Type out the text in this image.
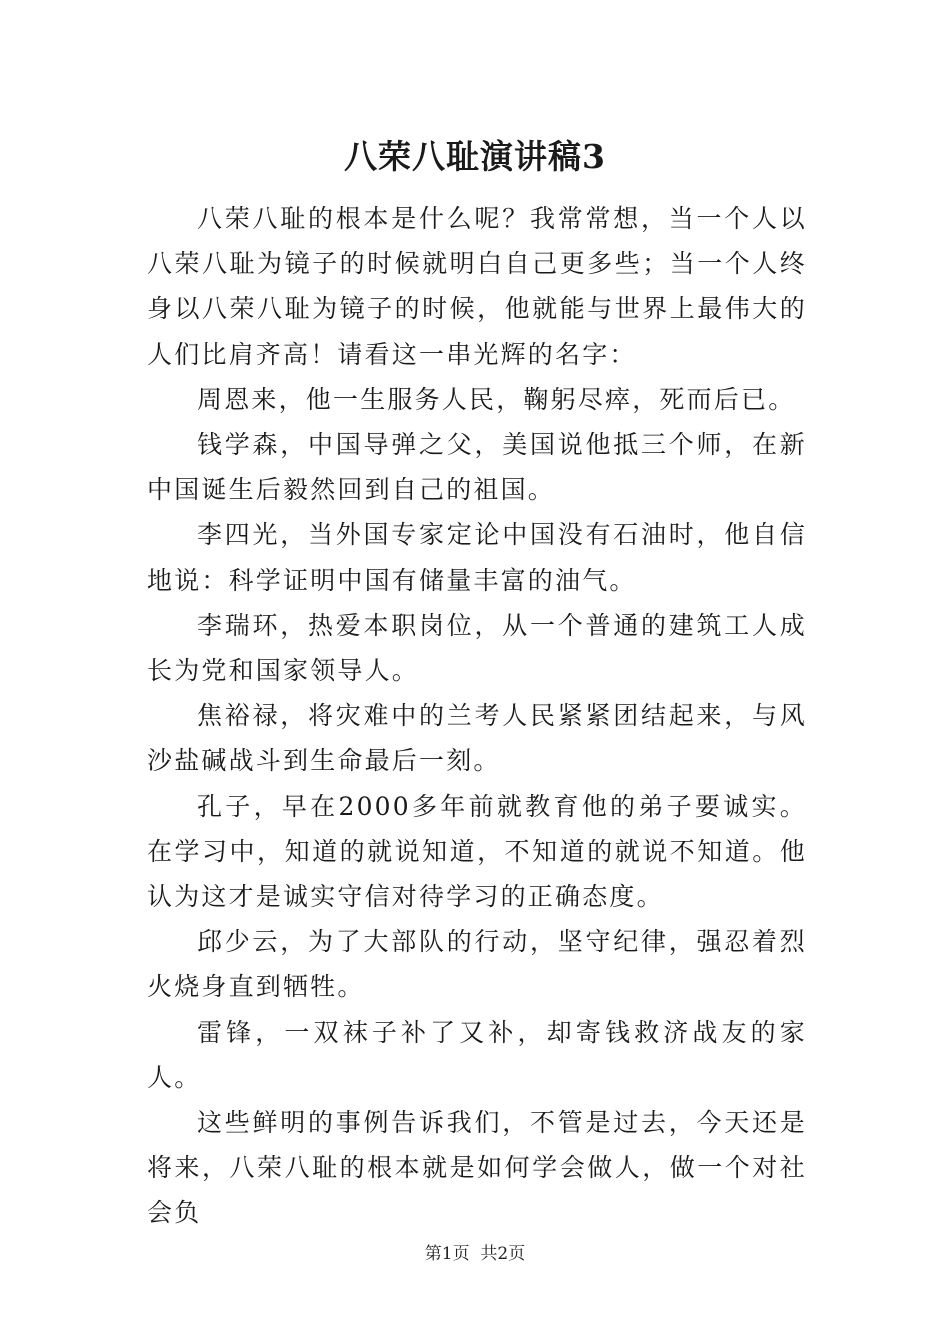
八荣八耻演讲稿3

八荣八耻的根本是什么呢？我常常想，当一个人以八荣八耻为镜子的时候就明白自己更多些；当一个人终身以八荣八耻为镜子的时候，他就能与世界上最伟大的人们比肩齐高！请看这一串光辉的名字：

周恩来，他一生服务人民，鞠躬尽瘁，死而后已。

钱学森，中国导弹之父，美国说他抵三个师，在新中国诞生后毅然回到自己的祖国。

李四光，当外国专家定论中国没有石油时，他自信地说：科学证明中国有储量丰富的油气。

李瑞环，热爱本职岗位，从一个普通的建筑工人成长为党和国家领导人。

焦裕禄，将灾难中的兰考人民紧紧团结起来，与风沙盐碱战斗到生命最后一刻。

孔子，早在2000多年前就教育他的弟子要诚实。在学习中，知道的就说知道，不知道的就说不知道。他认为这才是诚实守信对待学习的正确态度。

邱少云，为了大部队的行动，坚守纪律，强忍着烈火烧身直到牺牲。

雷锋，一双袜子补了又补，却寄钱救济战友的家人。

这些鲜明的事例告诉我们，不管是过去，今天还是将来，八荣八耻的根本就是如何学会做人，做一个对社会负

第1页 共2页
